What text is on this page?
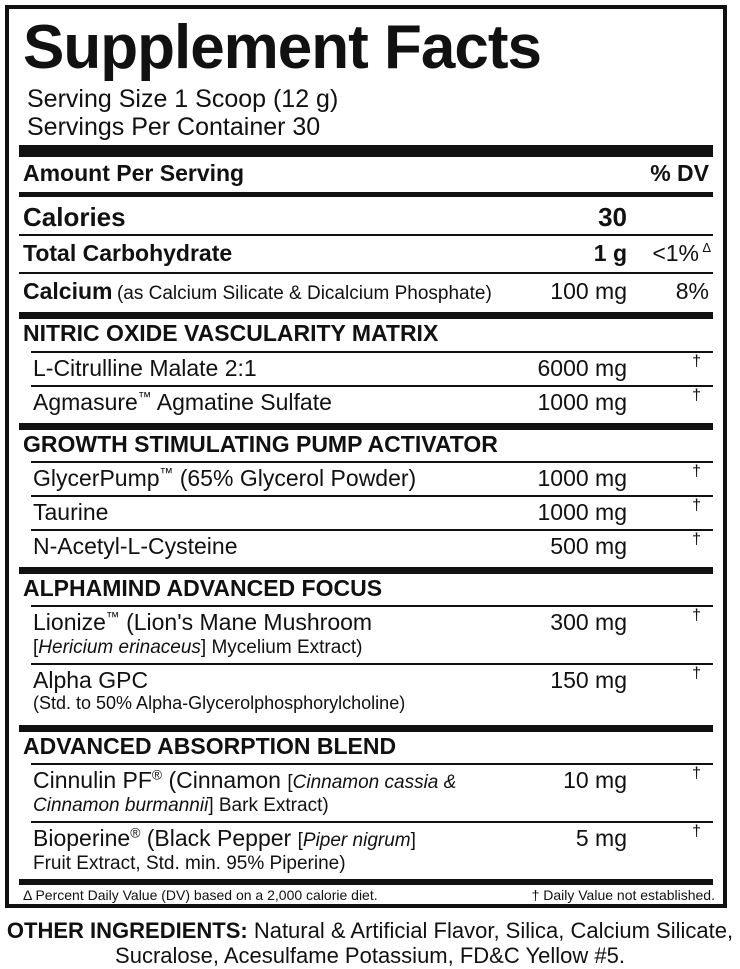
Supplement Facts
Serving Size 1 Scoop (12 g)
Servings Per Container 30
Amount Per Serving	% DV
Calories	30
Total Carbohydrate	1 g <1% Δ
Calcium (as Calcium Silicate & Dicalcium Phosphate)	100 mg 8%
NITRIC OXIDE VASCULARITY MATRIX
L-Citrulline Malate 2:1	6000 mg	†
Agmasure™ Agmatine Sulfate	1000 mg	†
GROWTH STIMULATING PUMP ACTIVATOR
GlycerPump™ (65% Glycerol Powder)	1000 mg	†
Taurine	1000 mg	†
N-Acetyl-L-Cysteine	500 mg	†
ALPHAMIND ADVANCED FOCUS
Lionize™ (Lion's Mane Mushroom
[Hericium erinaceus] Mycelium Extract)
300 mg	†
Alpha GPC
(Std. to 50% Alpha-Glycerolphosphorylcholine)
150 mg	†
ADVANCED ABSORPTION BLEND
Cinnulin PF® (Cinnamon [Cinnamon cassia &
Cinnamon burmannii] Bark Extract)
10 mg	†
Bioperine® (Black Pepper [Piper nigrum]
Fruit Extract, Std. min. 95% Piperine)
5 mg	†
Δ Percent Daily Value (DV) based on a 2,000 calorie diet.	† Daily Value not established.
OTHER INGREDIENTS: Natural & Artificial Flavor, Silica, Calcium Silicate,
Sucralose, Acesulfame Potassium, FD&C Yellow #5.
